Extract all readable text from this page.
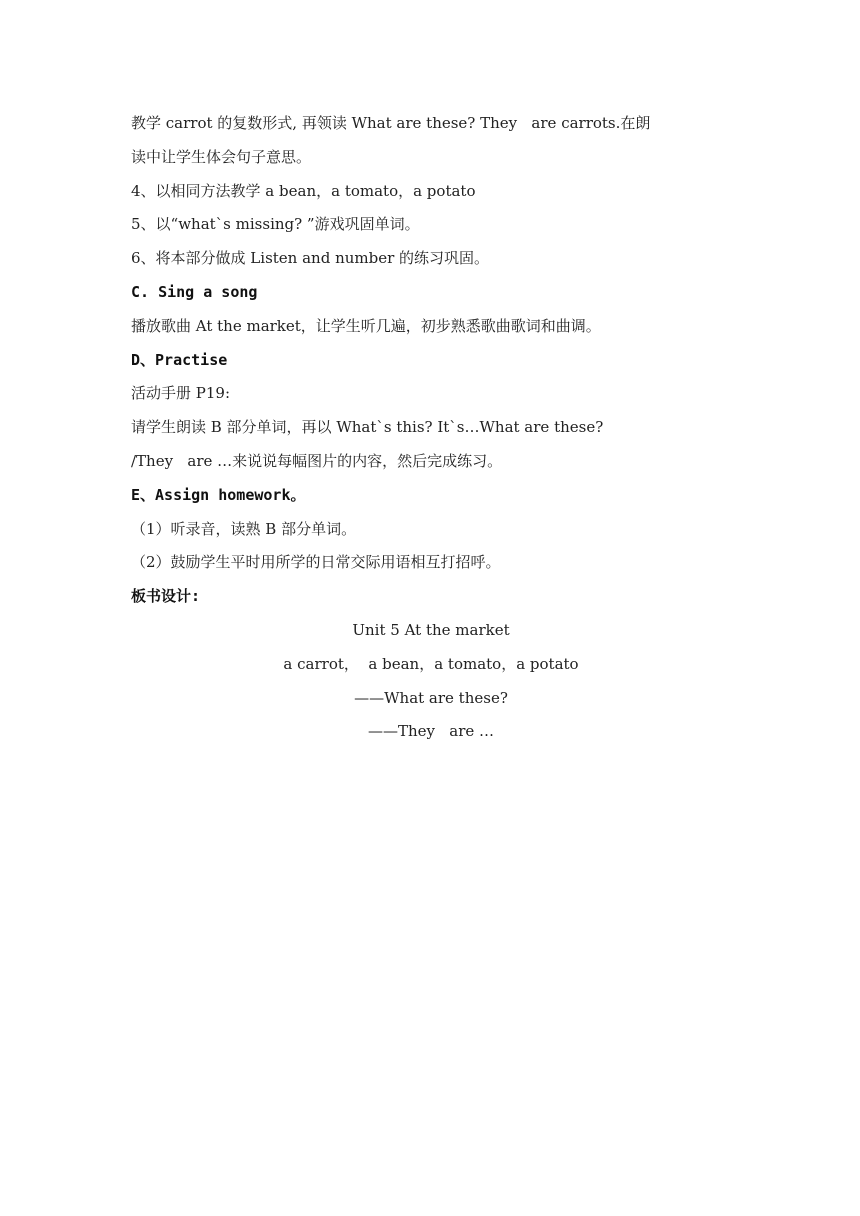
教学 carrot 的复数形式, 再领读 What are these? They   are carrots.在朗
读中让学生体会句子意思。
4、以相同方法教学 a bean，a tomato，a potato
5、以“what`s missing? ”游戏巩固单词。
6、将本部分做成 Listen and number 的练习巩固。
C. Sing a song
播放歌曲 At the market，让学生听几遍，初步熟悉歌曲歌词和曲调。
D、Practise
活动手册 P19:
请学生朗读 B 部分单词，再以 What`s this? It`s…What are these?
/They   are …来说说每幅图片的内容，然后完成练习。
E、Assign homework。
（1）听录音，读熟 B 部分单词。
（2）鼓励学生平时用所学的日常交际用语相互打招呼。
板书设计:
Unit 5 At the market
a carrot，  a bean，a tomato，a potato
——What are these?
——They   are …
